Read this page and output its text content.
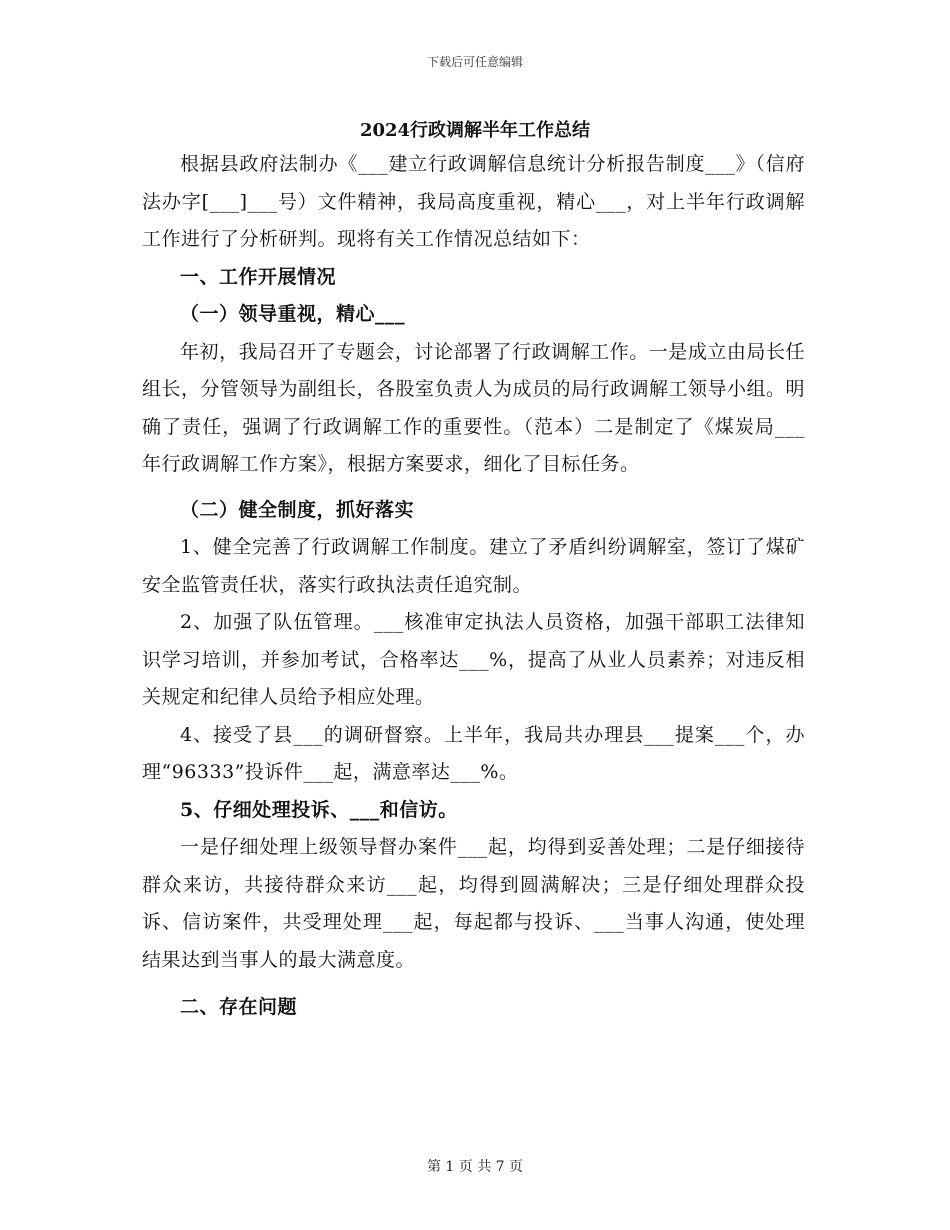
下载后可任意编辑
2024行政调解半年工作总结

根据县政府法制办《___建立行政调解信息统计分析报告制度___》（信府法办字[___]___号）文件精神，我局高度重视，精心___，对上半年行政调解工作进行了分析研判。现将有关工作情况总结如下：

一、工作开展情况

（一）领导重视，精心___

年初，我局召开了专题会，讨论部署了行政调解工作。一是成立由局长任组长，分管领导为副组长，各股室负责人为成员的局行政调解工领导小组。明确了责任，强调了行政调解工作的重要性。（范本）二是制定了《煤炭局___年行政调解工作方案》，根据方案要求，细化了目标任务。

（二）健全制度，抓好落实

1、健全完善了行政调解工作制度。建立了矛盾纠纷调解室，签订了煤矿安全监管责任状，落实行政执法责任追究制。

2、加强了队伍管理。___核准审定执法人员资格，加强干部职工法律知识学习培训，并参加考试，合格率达___%，提高了从业人员素养；对违反相关规定和纪律人员给予相应处理。

4、接受了县___的调研督察。上半年，我局共办理县___提案___个，办理“96333”投诉件___起，满意率达___%。

5、仔细处理投诉、___和信访。

一是仔细处理上级领导督办案件___起，均得到妥善处理；二是仔细接待群众来访，共接待群众来访___起，均得到圆满解决；三是仔细处理群众投诉、信访案件，共受理处理___起，每起都与投诉、___当事人沟通，使处理结果达到当事人的最大满意度。

二、存在问题

第 1 页 共 7 页
